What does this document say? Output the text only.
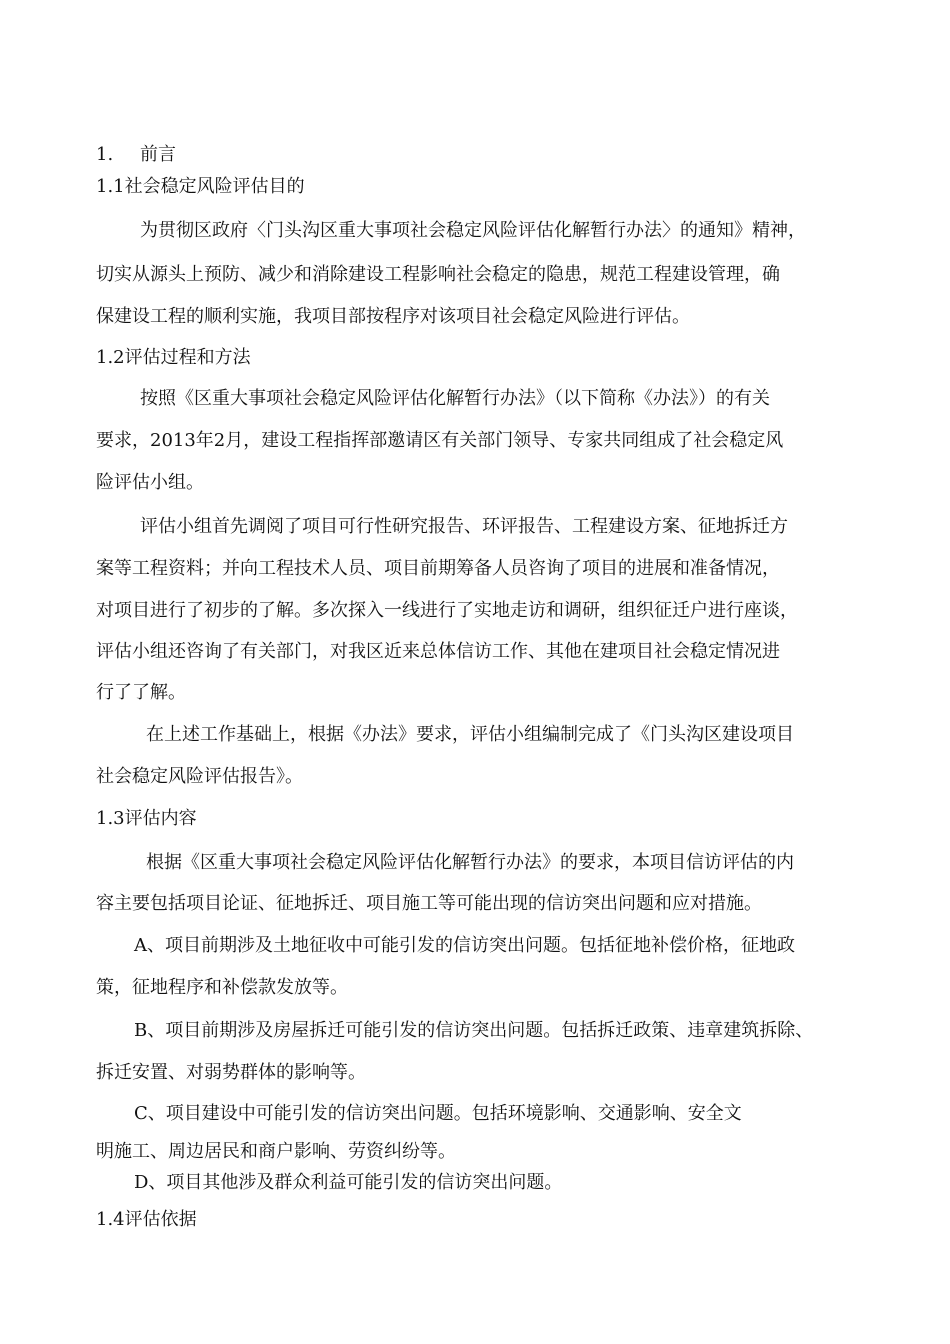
1. 前言
1.1社会稳定风险评估目的
为贯彻区政府〈门头沟区重大事项社会稳定风险评估化解暂行办法〉的通知》精神，
切实从源头上预防、减少和消除建设工程影响社会稳定的隐患，规范工程建设管理，确
保建设工程的顺利实施，我项目部按程序对该项目社会稳定风险进行评估。
1.2评估过程和方法
按照《区重大事项社会稳定风险评估化解暂行办法》（以下简称《办法》）的有关
要求，2013年2月，建设工程指挥部邀请区有关部门领导、专家共同组成了社会稳定风
险评估小组。
评估小组首先调阅了项目可行性研究报告、环评报告、工程建设方案、征地拆迁方
案等工程资料；并向工程技术人员、项目前期筹备人员咨询了项目的进展和准备情况，
对项目进行了初步的了解。多次探入一线进行了实地走访和调研，组织征迁户进行座谈，
评估小组还咨询了有关部门，对我区近来总体信访工作、其他在建项目社会稳定情况进
行了了解。
在上述工作基础上，根据《办法》要求，评估小组编制完成了《门头沟区建设项目
社会稳定风险评估报告》。
1.3评估内容
根据《区重大事项社会稳定风险评估化解暂行办法》的要求，本项目信访评估的内
容主要包括项目论证、征地拆迁、项目施工等可能出现的信访突出问题和应对措施。
A、项目前期涉及土地征收中可能引发的信访突出问题。包括征地补偿价格，征地政
策，征地程序和补偿款发放等。
B、项目前期涉及房屋拆迁可能引发的信访突出问题。包括拆迁政策、违章建筑拆除、
拆迁安置、对弱势群体的影响等。
C、项目建设中可能引发的信访突出问题。包括环境影响、交通影响、安全文
明施工、周边居民和商户影响、劳资纠纷等。
D、项目其他涉及群众利益可能引发的信访突出问题。
1.4评估依据
